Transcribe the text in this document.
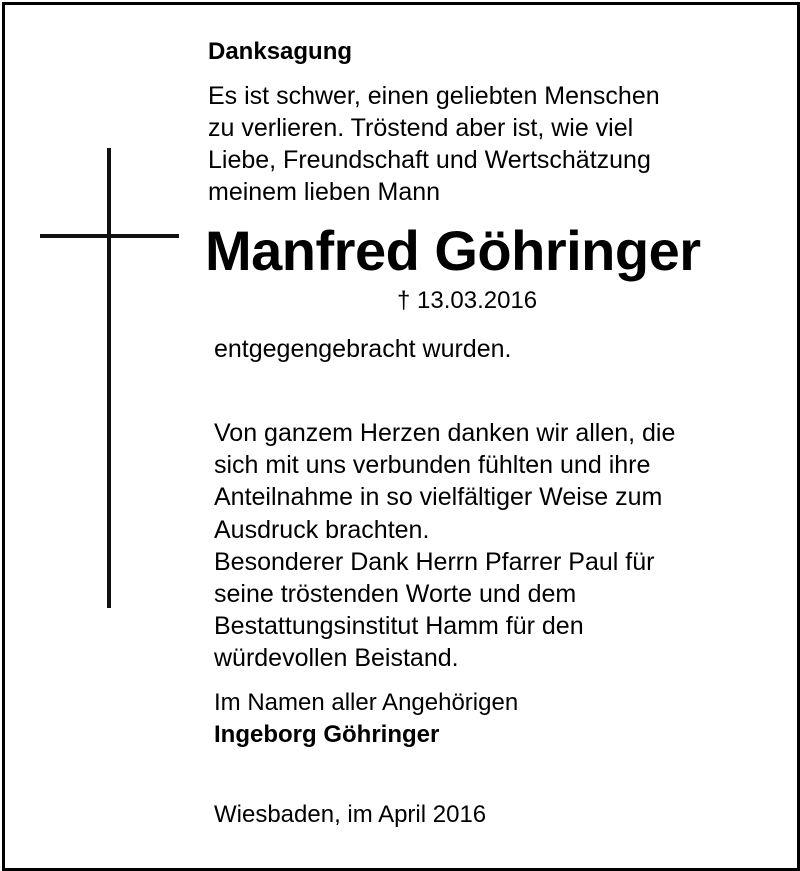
Danksagung

Es ist schwer, einen geliebten Menschen
zu verlieren. Tröstend aber ist, wie viel
Liebe, Freundschaft und Wertschätzung
meinem lieben Mann

Manfred Göhringer

† 13.03.2016

entgegengebracht wurden.

Von ganzem Herzen danken wir allen, die
sich mit uns verbunden fühlten und ihre
Anteilnahme in so vielfältiger Weise zum
Ausdruck brachten.
Besonderer Dank Herrn Pfarrer Paul für
seine tröstenden Worte und dem
Bestattungsinstitut Hamm für den
würdevollen Beistand.

Im Namen aller Angehörigen
Ingeborg Göhringer

Wiesbaden, im April 2016
